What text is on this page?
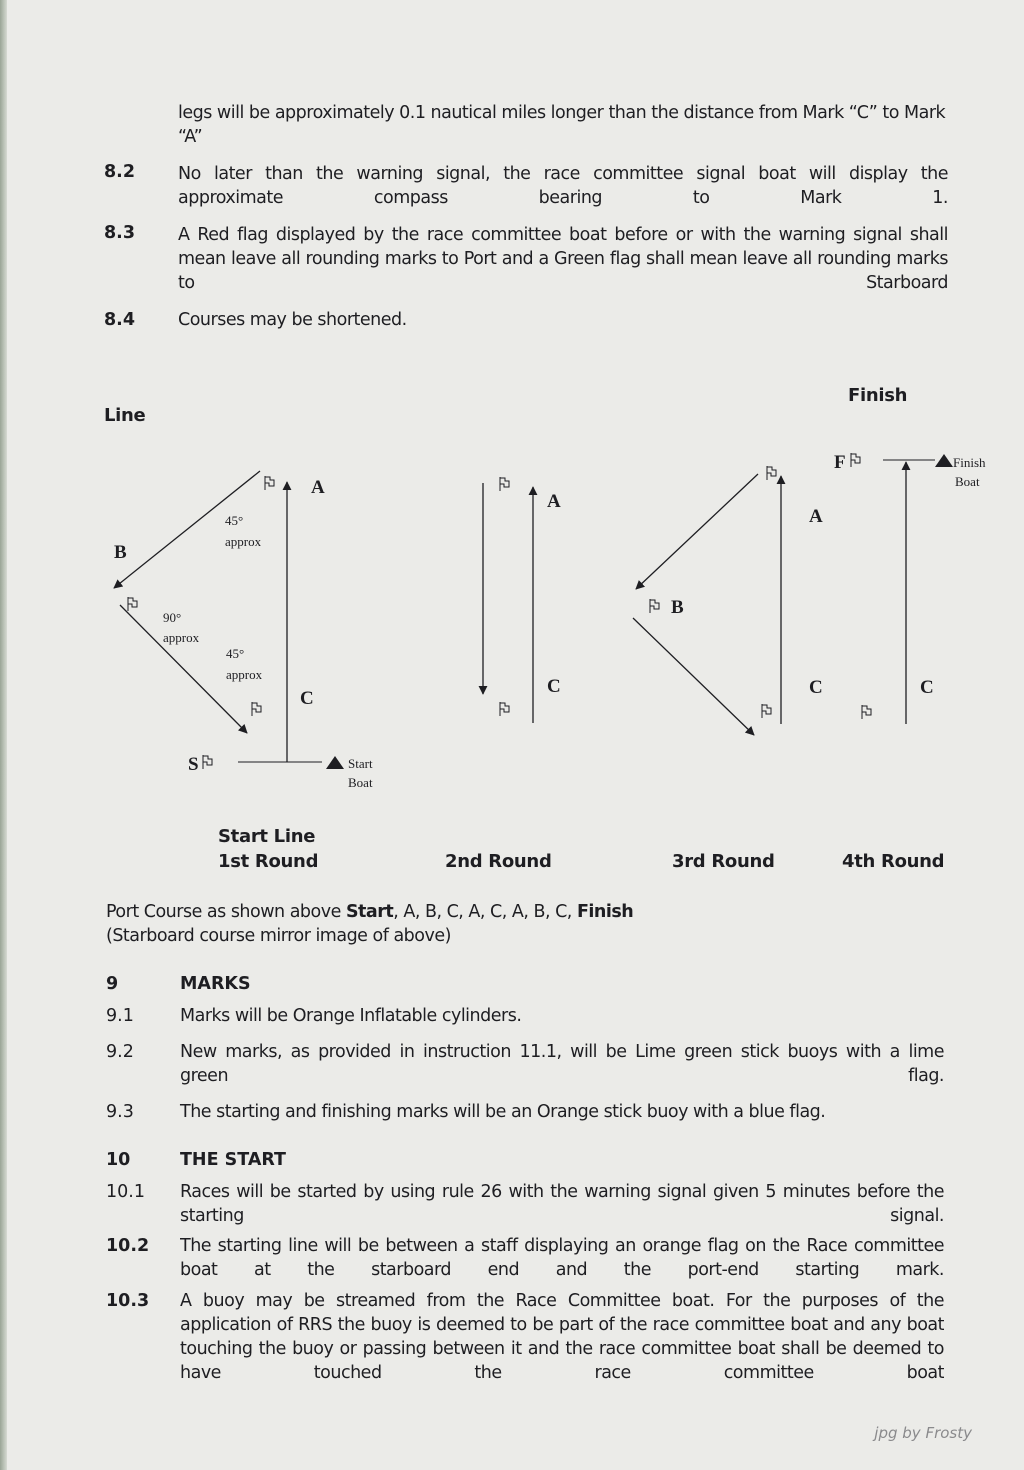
legs will be approximately 0.1 nautical miles longer than the distance from Mark “C” to Mark “A”
8.2 No later than the warning signal, the race committee signal boat will display the approximate compass bearing to Mark 1.
8.3 A Red flag displayed by the race committee boat before or with the warning signal shall mean leave all rounding marks to Port and a Green flag shall mean leave all rounding marks to Starboard
8.4 Courses may be shortened.
Line
Finish
A
B
C
S
45°
approx
90°
approx
45°
approx
Start
Boat
A
C
A
B
C
F
C
Finish
Boat
Start Line
1st Round	2nd Round	3rd Round	4th Round
Port Course as shown above Start, A, B, C, A, C, A, B, C, Finish
(Starboard course mirror image of above)
9	MARKS
9.1	Marks will be Orange Inflatable cylinders.
9.2	New marks, as provided in instruction 11.1, will be Lime green stick buoys with a lime green flag.
9.3	The starting and finishing marks will be an Orange stick buoy with a blue flag.
10	THE START
10.1 Races will be started by using rule 26 with the warning signal given 5 minutes before the starting signal.
10.2 The starting line will be between a staff displaying an orange flag on the Race committee boat at the starboard end and the port-end starting mark.
10.3 A buoy may be streamed from the Race Committee boat. For the purposes of the application of RRS the buoy is deemed to be part of the race committee boat and any boat touching the buoy or passing between it and the race committee boat shall be deemed to have touched the race committee boat
jpg by Frosty
